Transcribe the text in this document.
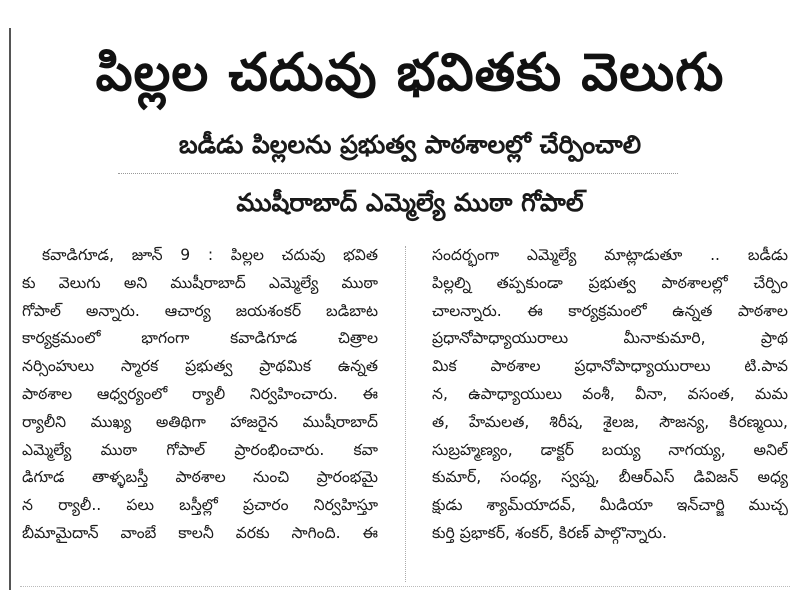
పిల్లల చదువు భవితకు వెలుగు
బడీడు పిల్లలను ప్రభుత్వ పాఠశాలల్లో చేర్పించాలి
ముషీరాబాద్ ఎమ్మెల్యే ముఠా గోపాల్
కవాడిగూడ, జూన్ 9 : పిల్లల చదువు భవిత
కు వెలుగు అని ముషీరాబాద్ ఎమ్మెల్యే ముఠా
గోపాల్ అన్నారు. ఆచార్య జయశంకర్ బడిబాట
కార్యక్రమంలో భాగంగా కవాడిగూడ చిత్రాల
నర్సింహులు స్మారక ప్రభుత్వ ప్రాథమిక ఉన్నత
పాఠశాల ఆధ్వర్యంలో ర్యాలీ నిర్వహించారు. ఈ
ర్యాలీని ముఖ్య అతిథిగా హాజరైన ముషీరాబాద్
ఎమ్మెల్యే ముఠా గోపాల్ ప్రారంభించారు. కవా
డిగూడ తాళ్ళబస్తీ పాఠశాల నుంచి ప్రారంభమై
న ర్యాలీ.. పలు బస్తీల్లో ప్రచారం నిర్వహిస్తూ
బీమామైదాన్ వాంబే కాలనీ వరకు సాగింది. ఈ
సందర్భంగా ఎమ్మెల్యే మాట్లాడుతూ .. బడీడు
పిల్లల్ని తప్పకుండా ప్రభుత్వ పాఠశాలల్లో చేర్పిం
చాలన్నారు. ఈ కార్యక్రమంలో ఉన్నత పాఠశాల
ప్రధానోపాధ్యాయురాలు మీనాకుమారి, ప్రాథ
మిక పాఠశాల ప్రధానోపాధ్యాయురాలు టి.పావ
న, ఉపాధ్యాయులు వంశీ, వీనా, వసంత, మమ
త, హేమలత, శిరీష, శైలజ, సౌజన్య, కిరణ్మయి,
సుబ్రహ్మణ్యం, డాక్టర్ బయ్య నాగయ్య, అనిల్
కుమార్, సంధ్య, స్వప్న, బీఆర్ఎస్ డివిజన్ అధ్య
క్షుడు శ్యామ్‌యాదవ్, మీడియా ఇన్‌చార్జి ముచ్చ
కుర్తి ప్రభాకర్, శంకర్, కిరణ్ పాల్గొన్నారు.
